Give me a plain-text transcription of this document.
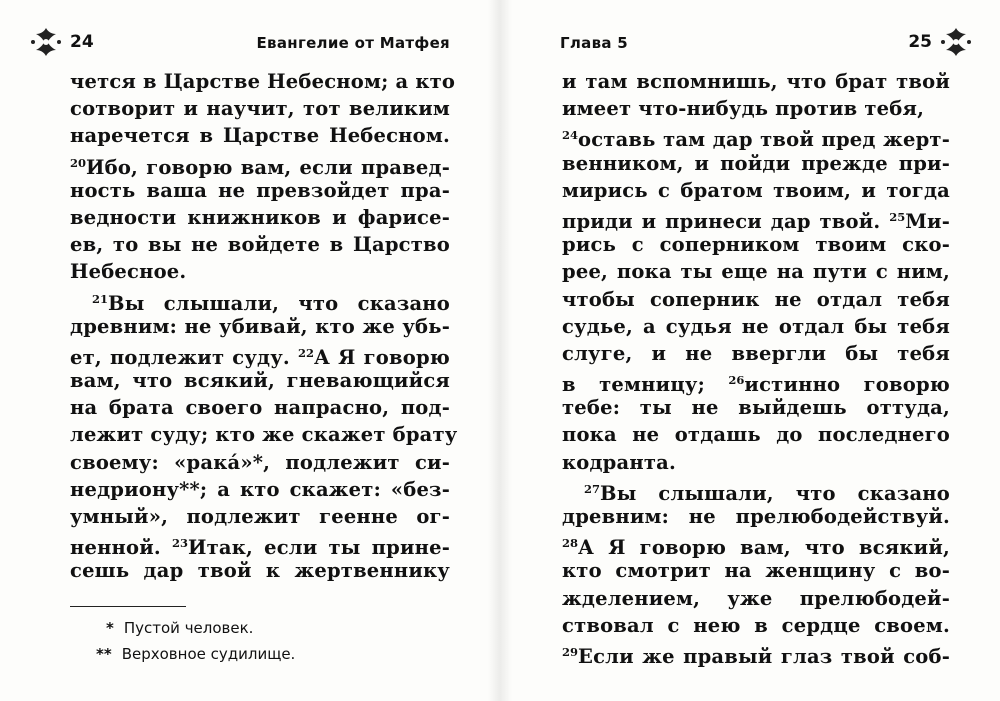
24	Евангелие от Матфея
чется в Царстве Небесном; а кто
сотворит и научит, тот великим
наречется в Царстве Небесном.
$^{20}$Ибо, говорю вам, если правед-
ность ваша не превзойдет пра-
ведности книжников и фарисе-
ев, то вы не войдете в Царство
Небесное.
$^{21}$Вы слышали, что сказано
древним: не убивай, кто же убь-
ет, подлежит суду. $^{22}$А Я говорю
вам, что всякий, гневающийся
на брата своего напрасно, под-
лежит суду; кто же скажет брату
своему: «рака́»*, подлежит си-
недриону**; а кто скажет: «без-
умный», подлежит геенне ог-
ненной. $^{23}$Итак, если ты прине-
сешь дар твой к жертвеннику
* Пустой человек.
** Верховное судилище.
Глава 5	25
и там вспомнишь, что брат твой
имеет что-нибудь против тебя,
$^{24}$оставь там дар твой пред жерт-
венником, и пойди прежде при-
мирись с братом твоим, и тогда
приди и принеси дар твой. $^{25}$Ми-
рись с соперником твоим ско-
рее, пока ты еще на пути с ним,
чтобы соперник не отдал тебя
судье, а судья не отдал бы тебя
слуге, и не ввергли бы тебя
в темницу; $^{26}$истинно говорю
тебе: ты не выйдешь оттуда,
пока не отдашь до последнего
кодранта.
$^{27}$Вы слышали, что сказано
древним: не прелюбодействуй.
$^{28}$А Я говорю вам, что всякий,
кто смотрит на женщину с во-
жделением, уже прелюбодей-
ствовал с нею в сердце своем.
$^{29}$Если же правый глаз твой соб-
